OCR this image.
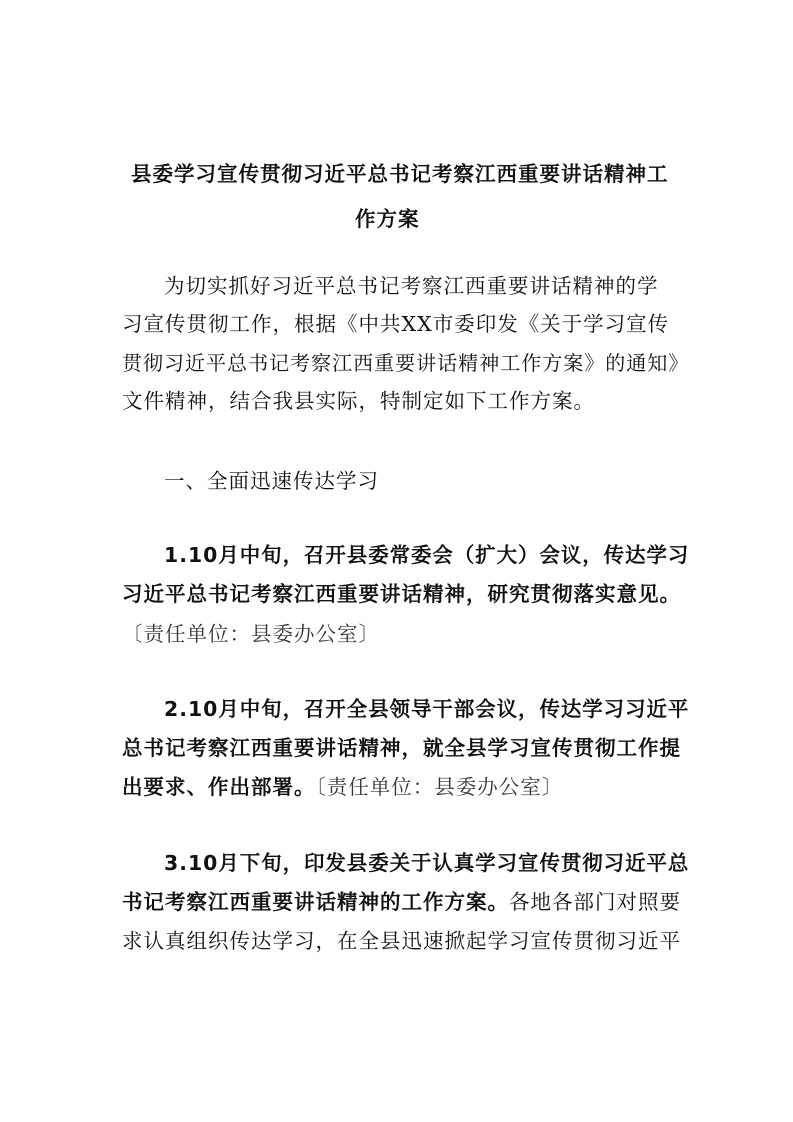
县委学习宣传贯彻习近平总书记考察江西重要讲话精神工
作方案
为切实抓好习近平总书记考察江西重要讲话精神的学
习宣传贯彻工作，根据《中共XX市委印发《关于学习宣传
贯彻习近平总书记考察江西重要讲话精神工作方案》的通知》
文件精神，结合我县实际，特制定如下工作方案。
一、全面迅速传达学习
1.10月中旬，召开县委常委会（扩大）会议，传达学习
习近平总书记考察江西重要讲话精神，研究贯彻落实意见。
〔责任单位：县委办公室〕
2.10月中旬，召开全县领导干部会议，传达学习习近平
总书记考察江西重要讲话精神，就全县学习宣传贯彻工作提
出要求、作出部署。〔责任单位：县委办公室〕
3.10月下旬，印发县委关于认真学习宣传贯彻习近平总
书记考察江西重要讲话精神的工作方案。各地各部门对照要
求认真组织传达学习，在全县迅速掀起学习宣传贯彻习近平
